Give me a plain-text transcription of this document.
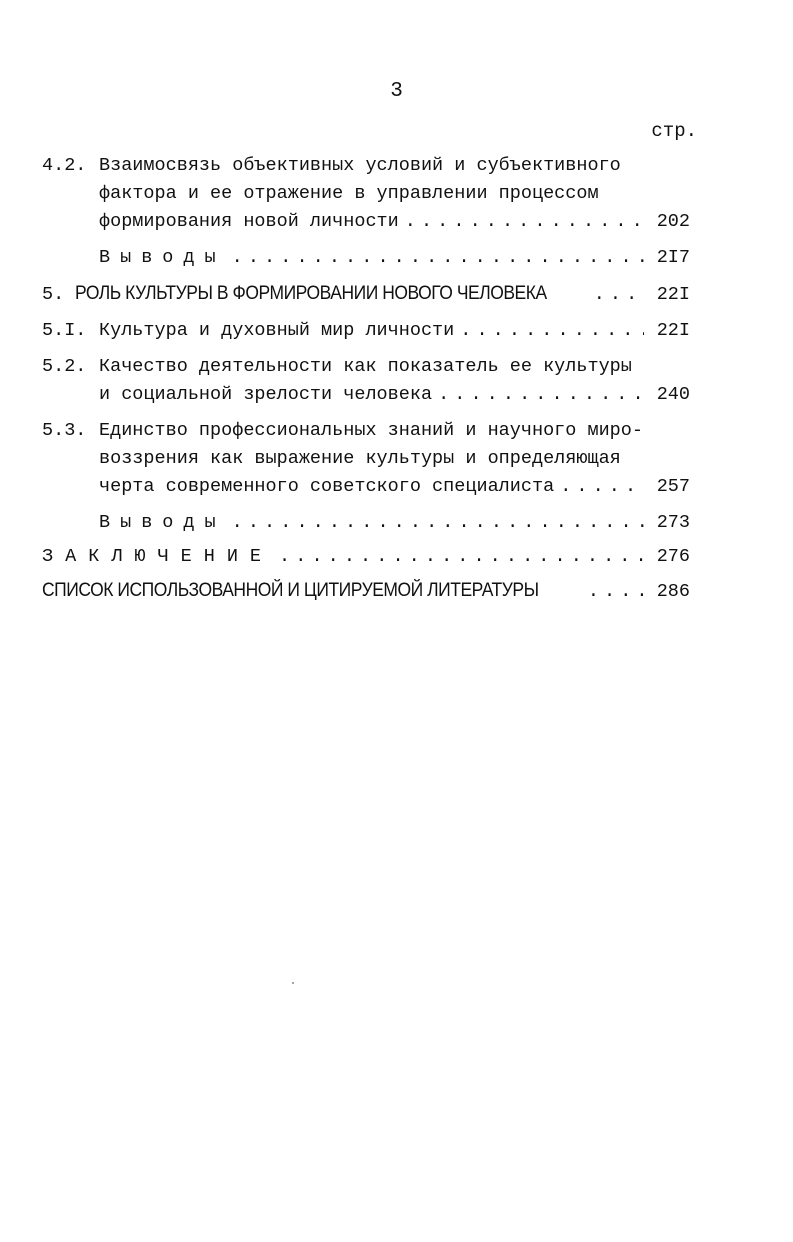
3
стр.
4.2. Взаимосвязь объективных условий и субъективного
фактора и ее отражение в управлении процессом
формирования новой личности . . .	202
Выводы . . .	2I7
5. РОЛЬ КУЛЬТУРЫ В ФОРМИРОВАНИИ НОВОГО ЧЕЛОВЕКА . . .	22I
5.I. Культура и духовный мир личности . . .	22I
5.2. Качество деятельности как показатель ее культуры
и социальной зрелости человека . . .	240
5.3. Единство профессиональных знаний и научного миро-
воззрения как выражение культуры и определяющая
черта современного советского специалиста . . .	257
Выводы . . .	273
ЗАКЛЮЧЕНИЕ . . .	276
СПИСОК ИСПОЛЬЗОВАННОЙ И ЦИТИРУЕМОЙ ЛИТЕРАТУРЫ . . .	286
